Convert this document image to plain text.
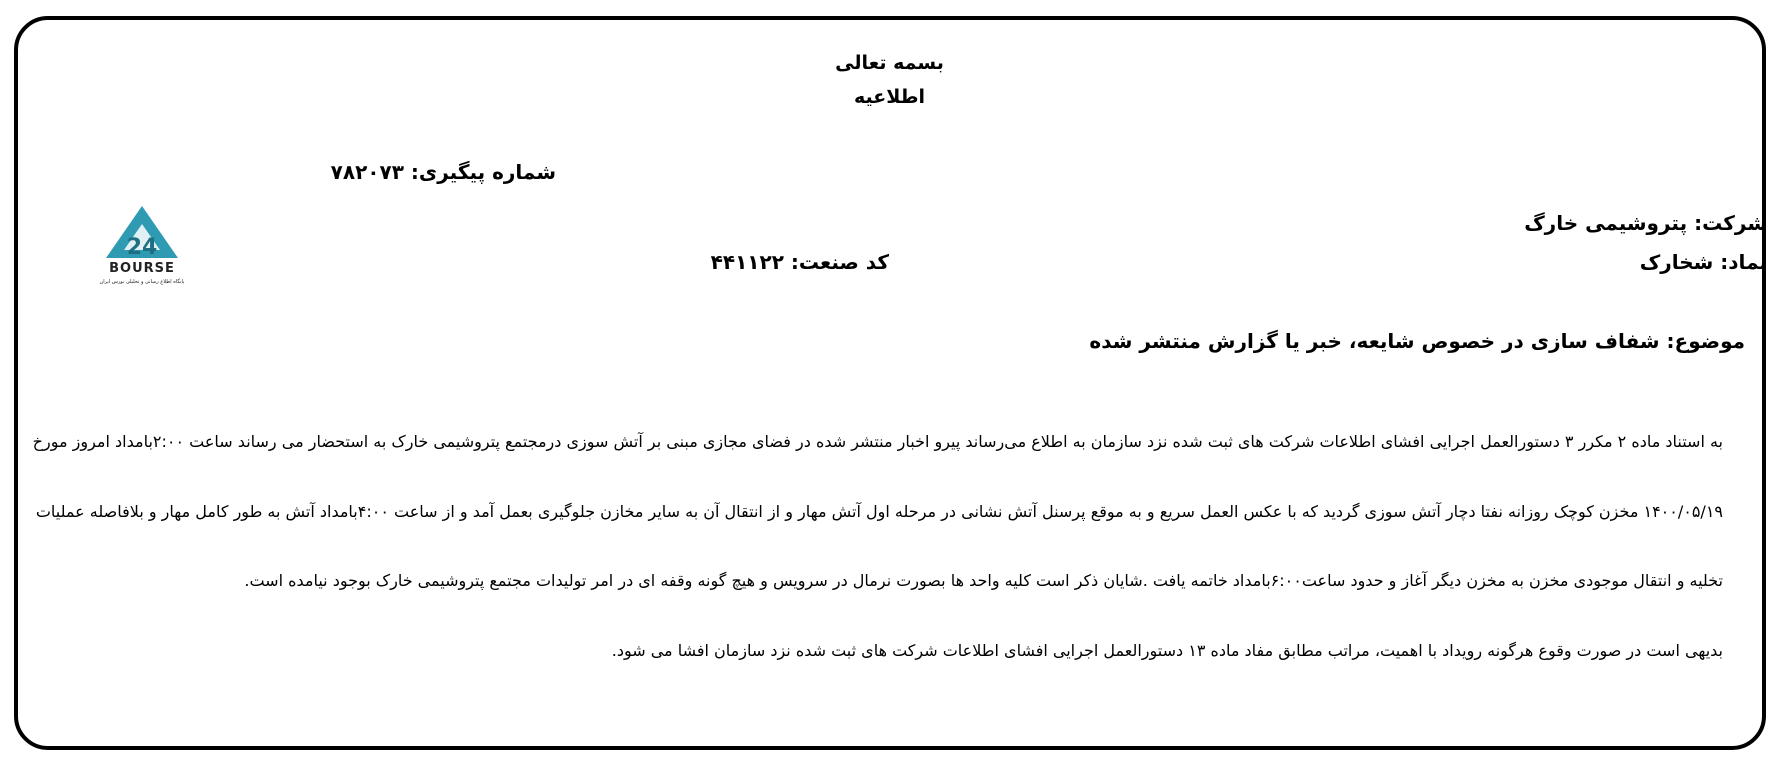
بسمه تعالی
اطلاعیه
شماره پیگیری: ۷۸۲۰۷۳
شرکت: پتروشیمی خارگ
نماد: شخارک
کد صنعت: ۴۴۱۱۲۲
موضوع: شفاف سازی در خصوص شایعه، خبر یا گزارش منتشر شده
به استناد ماده ۲ مکرر ۳ دستورالعمل اجرایی افشای اطلاعات شرکت های ثبت شده نزد سازمان به اطلاع می‌رساند پیرو اخبار منتشر شده در فضای مجازی مبنی بر آتش سوزی درمجتمع پتروشیمی خارک به استحضار می رساند ساعت ۲:۰۰بامداد امروز مورخ
۱۴۰۰/۰۵/۱۹ مخزن کوچک روزانه نفتا دچار آتش سوزی گردید که با عکس العمل سریع و به موقع پرسنل آتش نشانی در مرحله اول آتش مهار و از انتقال آن به سایر مخازن جلوگیری بعمل آمد و از ساعت ۴:۰۰بامداد آتش به طور کامل مهار و بلافاصله عملیات
تخلیه و انتقال موجودی مخزن به مخزن دیگر آغاز و حدود ساعت۶:۰۰بامداد خاتمه یافت .شایان ذکر است کلیه واحد ها بصورت نرمال در سرویس و هیچ گونه وقفه ای در امر تولیدات مجتمع پتروشیمی خارک بوجود نیامده است.
بدیهی است در صورت وقوع هرگونه رویداد با اهمیت، مراتب مطابق مفاد ماده ۱۳ دستورالعمل اجرایی افشای اطلاعات شرکت های ثبت شده نزد سازمان افشا می شود.
24
BOURSE
پایگاه اطلاع رسانی و تحلیلی بورس ایران
